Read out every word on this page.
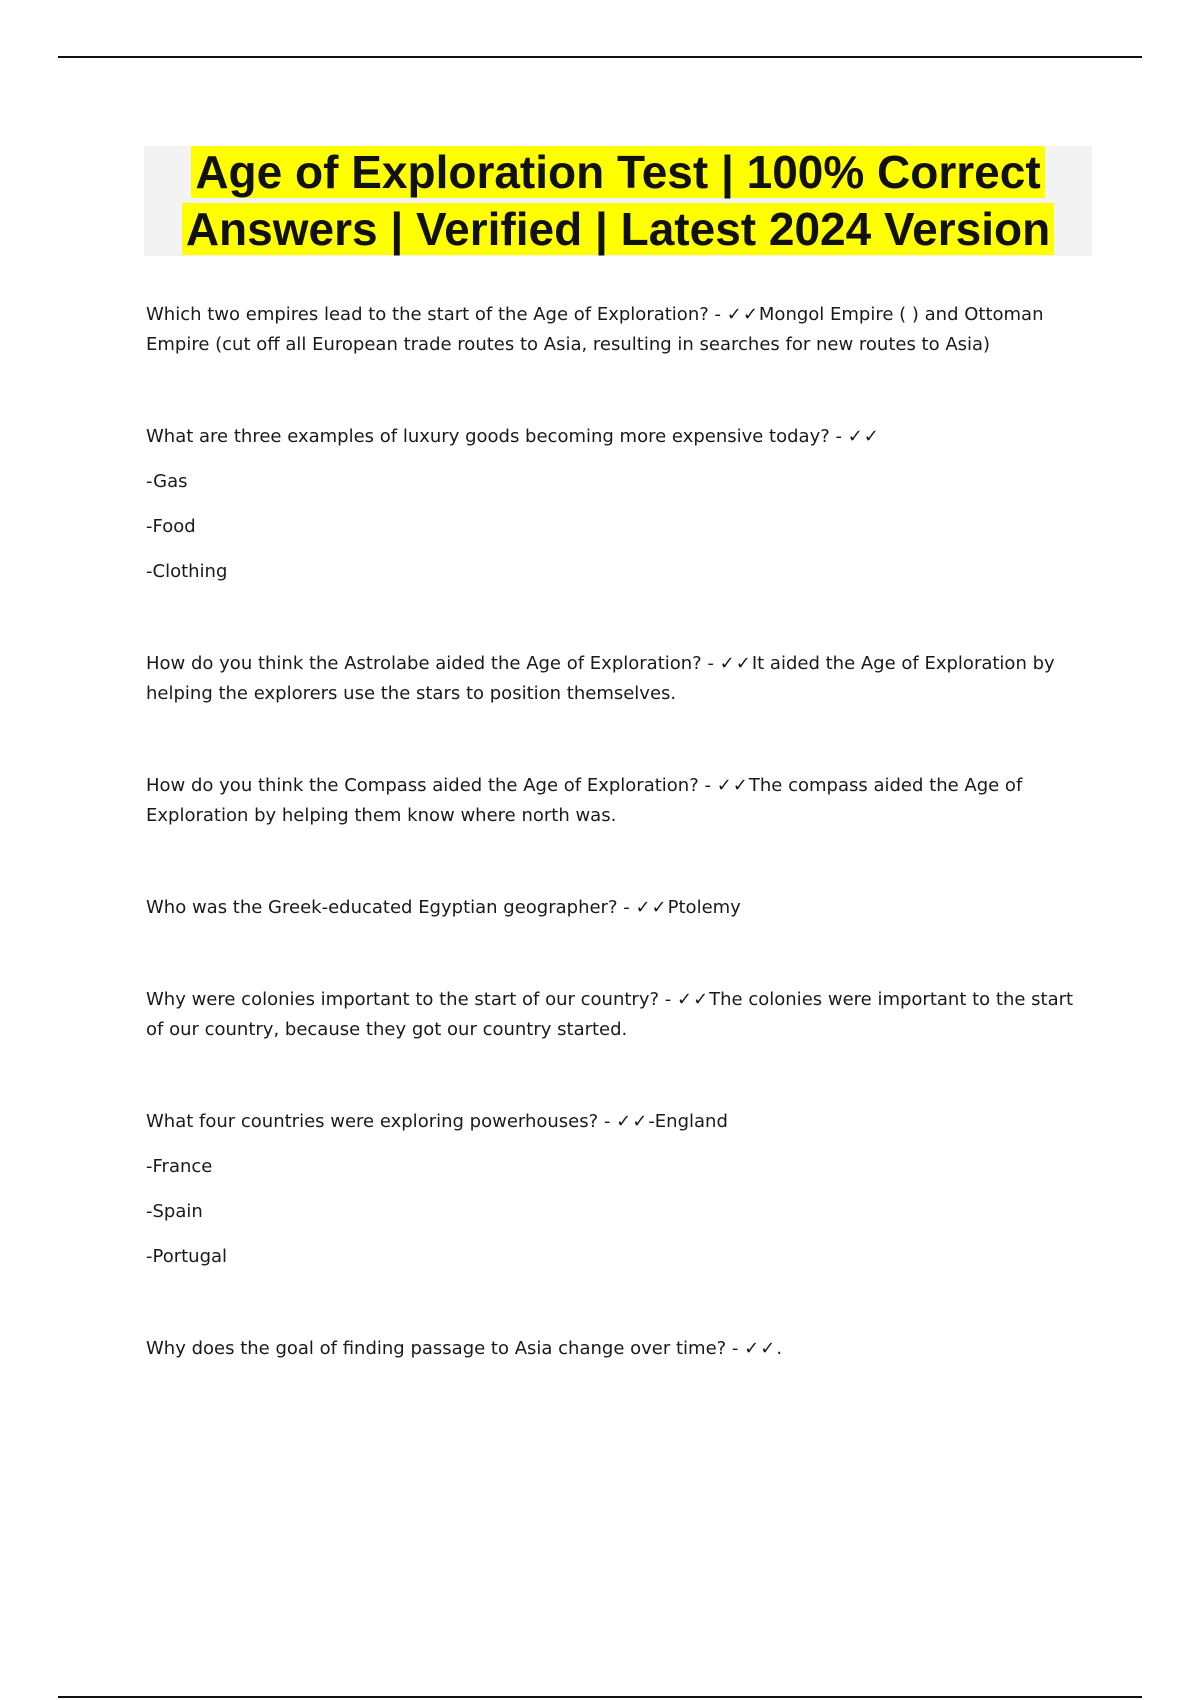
Age of Exploration Test | 100% Correct Answers | Verified | Latest 2024 Version

Which two empires lead to the start of the Age of Exploration? - ✓✓Mongol Empire ( ) and Ottoman Empire (cut off all European trade routes to Asia, resulting in searches for new routes to Asia)

What are three examples of luxury goods becoming more expensive today? - ✓✓

-Gas

-Food

-Clothing

How do you think the Astrolabe aided the Age of Exploration? - ✓✓It aided the Age of Exploration by helping the explorers use the stars to position themselves.

How do you think the Compass aided the Age of Exploration? - ✓✓The compass aided the Age of Exploration by helping them know where north was.

Who was the Greek-educated Egyptian geographer? - ✓✓Ptolemy

Why were colonies important to the start of our country? - ✓✓The colonies were important to the start of our country, because they got our country started.

What four countries were exploring powerhouses? - ✓✓-England

-France

-Spain

-Portugal

Why does the goal of finding passage to Asia change over time? - ✓✓.
